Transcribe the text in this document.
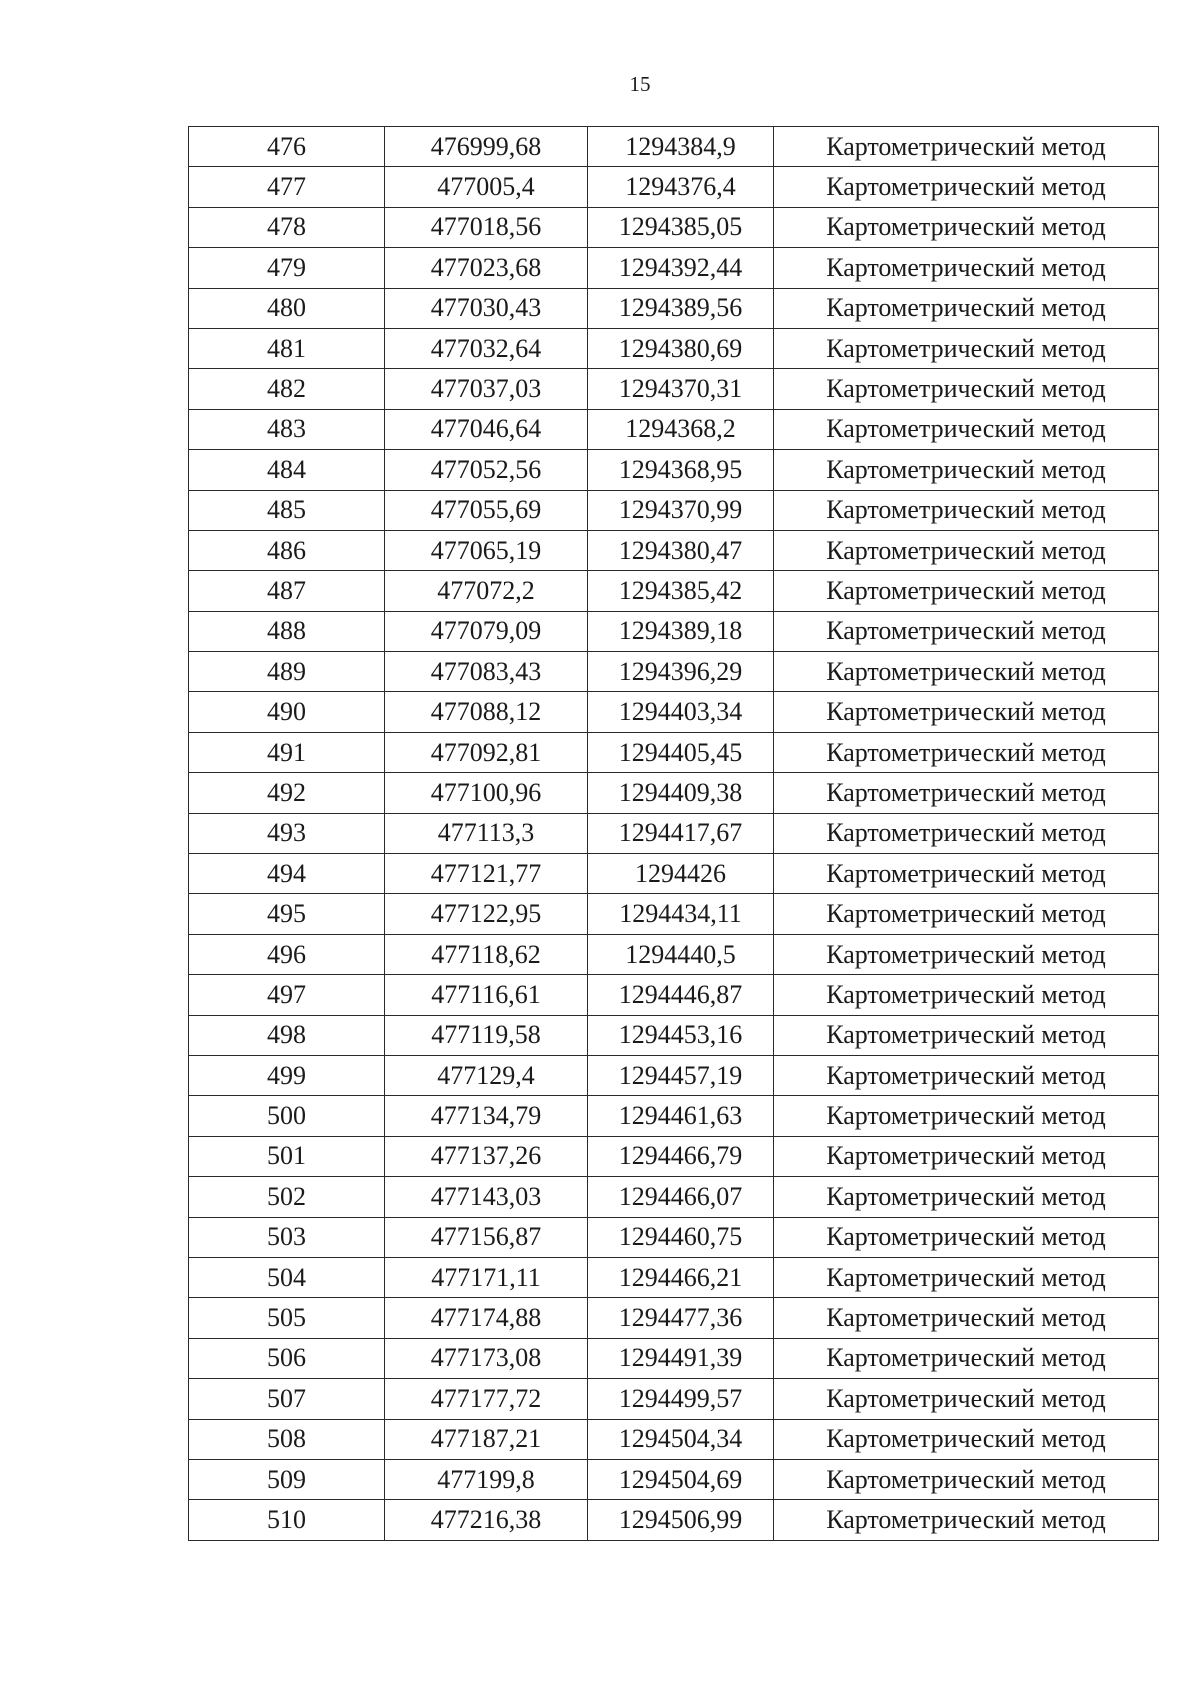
15
476	476999,68	1294384,9	Картометрический метод
477	477005,4	1294376,4	Картометрический метод
478	477018,56	1294385,05	Картометрический метод
479	477023,68	1294392,44	Картометрический метод
480	477030,43	1294389,56	Картометрический метод
481	477032,64	1294380,69	Картометрический метод
482	477037,03	1294370,31	Картометрический метод
483	477046,64	1294368,2	Картометрический метод
484	477052,56	1294368,95	Картометрический метод
485	477055,69	1294370,99	Картометрический метод
486	477065,19	1294380,47	Картометрический метод
487	477072,2	1294385,42	Картометрический метод
488	477079,09	1294389,18	Картометрический метод
489	477083,43	1294396,29	Картометрический метод
490	477088,12	1294403,34	Картометрический метод
491	477092,81	1294405,45	Картометрический метод
492	477100,96	1294409,38	Картометрический метод
493	477113,3	1294417,67	Картометрический метод
494	477121,77	1294426	Картометрический метод
495	477122,95	1294434,11	Картометрический метод
496	477118,62	1294440,5	Картометрический метод
497	477116,61	1294446,87	Картометрический метод
498	477119,58	1294453,16	Картометрический метод
499	477129,4	1294457,19	Картометрический метод
500	477134,79	1294461,63	Картометрический метод
501	477137,26	1294466,79	Картометрический метод
502	477143,03	1294466,07	Картометрический метод
503	477156,87	1294460,75	Картометрический метод
504	477171,11	1294466,21	Картометрический метод
505	477174,88	1294477,36	Картометрический метод
506	477173,08	1294491,39	Картометрический метод
507	477177,72	1294499,57	Картометрический метод
508	477187,21	1294504,34	Картометрический метод
509	477199,8	1294504,69	Картометрический метод
510	477216,38	1294506,99	Картометрический метод
